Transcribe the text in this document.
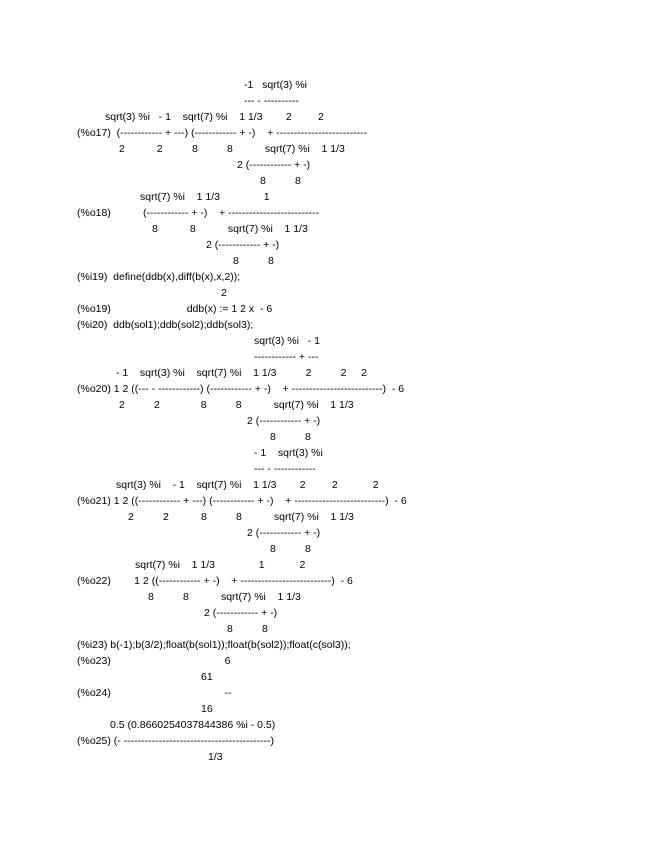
-1   sqrt(3) %i
--- - ----------
sqrt(3) %i   - 1    sqrt(7) %i    1 1/3        2         2
(%o17)  (------------ + ---) (------------ + -)    + --------------------------
2           2          8          8           sqrt(7) %i    1 1/3
2 (------------ + -)
8          8
sqrt(7) %i    1 1/3               1
(%o18)           (------------ + -)    + --------------------------
8           8           sqrt(7) %i    1 1/3
2 (------------ + -)
8          8
(%i19)  define(ddb(x),diff(b(x),x,2));
2
(%o19)                          ddb(x) := 1 2 x  - 6
(%i20)  ddb(sol1);ddb(sol2);ddb(sol3);
sqrt(3) %i   - 1
------------ + ---
- 1    sqrt(3) %i    sqrt(7) %i    1 1/3          2          2     2
(%o20) 1 2 ((--- - ------------) (------------ + -)    + --------------------------)  - 6
2          2              8          8           sqrt(7) %i    1 1/3
2 (------------ + -)
8          8
- 1    sqrt(3) %i
--- - ------------
sqrt(3) %i    - 1    sqrt(7) %i    1 1/3        2         2            2
(%o21) 1 2 ((------------ + ---) (------------ + -)    + --------------------------)  - 6
2          2           8          8           sqrt(7) %i    1 1/3
2 (------------ + -)
8          8
sqrt(7) %i    1 1/3               1            2
(%o22)        1 2 ((------------ + -)    + --------------------------)  - 6
8          8           sqrt(7) %i    1 1/3
2 (------------ + -)
8          8
(%i23) b(-1);b(3/2);float(b(sol1));float(b(sol2));float(c(sol3));
(%o23)                                       6
61
(%o24)                                       --
16
0.5 (0.8660254037844386 %i - 0.5)
(%o25) (- ------------------------------------------)
1/3
